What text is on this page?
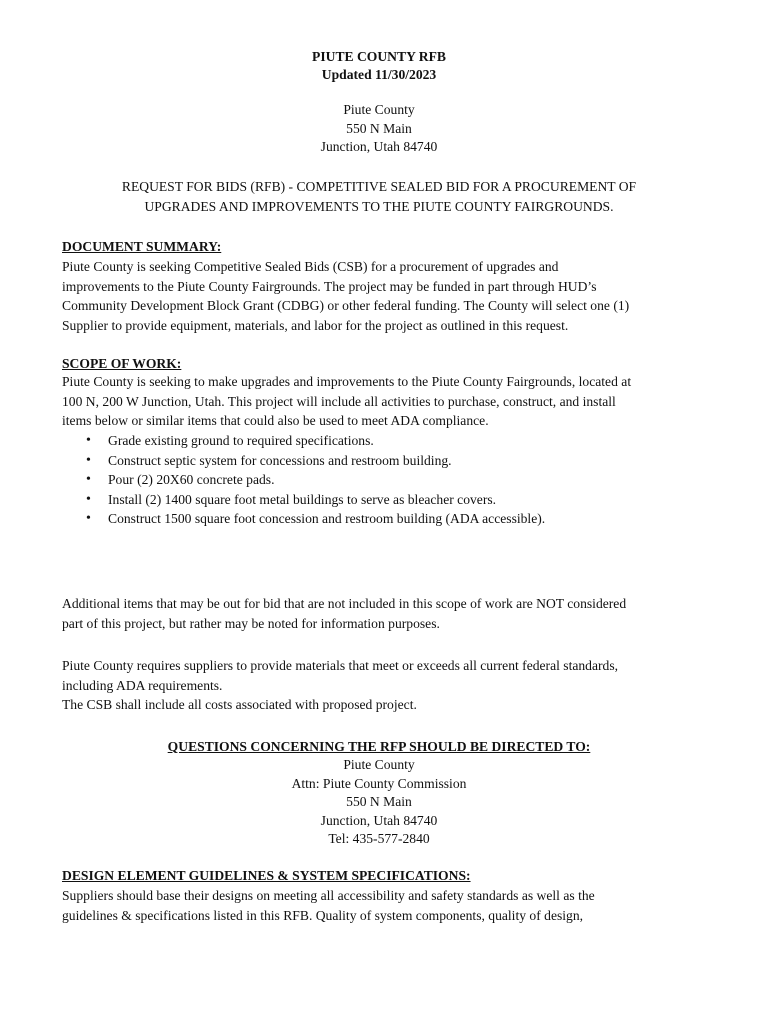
PIUTE COUNTY RFB
Updated 11/30/2023
Piute County
550 N Main
Junction, Utah 84740
REQUEST FOR BIDS (RFB) - COMPETITIVE SEALED BID FOR A PROCUREMENT OF
UPGRADES AND IMPROVEMENTS TO THE PIUTE COUNTY FAIRGROUNDS.
DOCUMENT SUMMARY:

Piute County is seeking Competitive Sealed Bids (CSB) for a procurement of upgrades and

improvements to the Piute County Fairgrounds. The project may be funded in part through HUD’s

Community Development Block Grant (CDBG) or other federal funding. The County will select one (1)

Supplier to provide equipment, materials, and labor for the project as outlined in this request.

SCOPE OF WORK:

Piute County is seeking to make upgrades and improvements to the Piute County Fairgrounds, located at

100 N, 200 W Junction, Utah. This project will include all activities to purchase, construct, and install

items below or similar items that could also be used to meet ADA compliance.

• Grade existing ground to required specifications.
• Construct septic system for concessions and restroom building.
• Pour (2) 20X60 concrete pads.
• Install (2) 1400 square foot metal buildings to serve as bleacher covers.
• Construct 1500 square foot concession and restroom building (ADA accessible).

Additional items that may be out for bid that are not included in this scope of work are NOT considered

part of this project, but rather may be noted for information purposes.

Piute County requires suppliers to provide materials that meet or exceeds all current federal standards,

including ADA requirements.

The CSB shall include all costs associated with proposed project.

QUESTIONS CONCERNING THE RFP SHOULD BE DIRECTED TO:
Piute County
Attn: Piute County Commission
550 N Main
Junction, Utah 84740
Tel: 435-577-2840
DESIGN ELEMENT GUIDELINES & SYSTEM SPECIFICATIONS:

Suppliers should base their designs on meeting all accessibility and safety standards as well as the

guidelines & specifications listed in this RFB. Quality of system components, quality of design,
